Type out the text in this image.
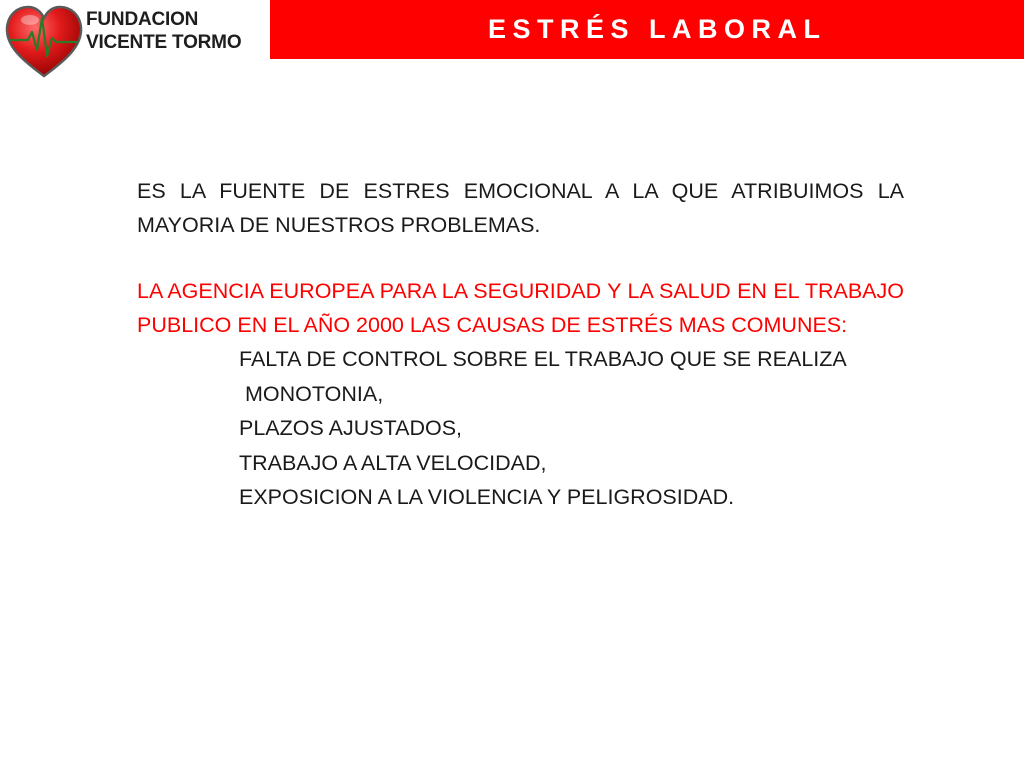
FUNDACION
VICENTE TORMO	ESTRÉS LABORAL

ES LA FUENTE DE ESTRES EMOCIONAL A LA QUE ATRIBUIMOS LA MAYORIA DE NUESTROS PROBLEMAS.

LA AGENCIA EUROPEA PARA LA SEGURIDAD Y LA SALUD EN EL TRABAJO PUBLICO EN EL AÑO 2000 LAS CAUSAS DE ESTRÉS MAS COMUNES:

FALTA DE CONTROL SOBRE EL TRABAJO QUE SE REALIZA
MONOTONIA,
PLAZOS AJUSTADOS,
TRABAJO A ALTA VELOCIDAD,
EXPOSICION A LA VIOLENCIA Y PELIGROSIDAD.
